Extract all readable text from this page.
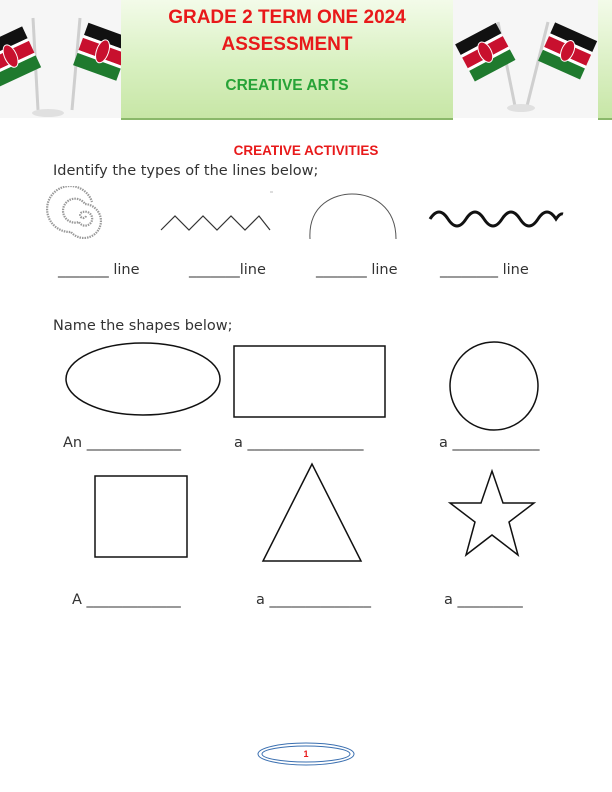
GRADE 2 TERM ONE 2024
ASSESSMENT
CREATIVE ARTS
CREATIVE ACTIVITIES
Identify the types of the lines below;
_______ line	_______line	_______ line	________ line
Name the shapes below;
An _____________	a ________________	a ____________
A _____________	a ______________	a _________
1
